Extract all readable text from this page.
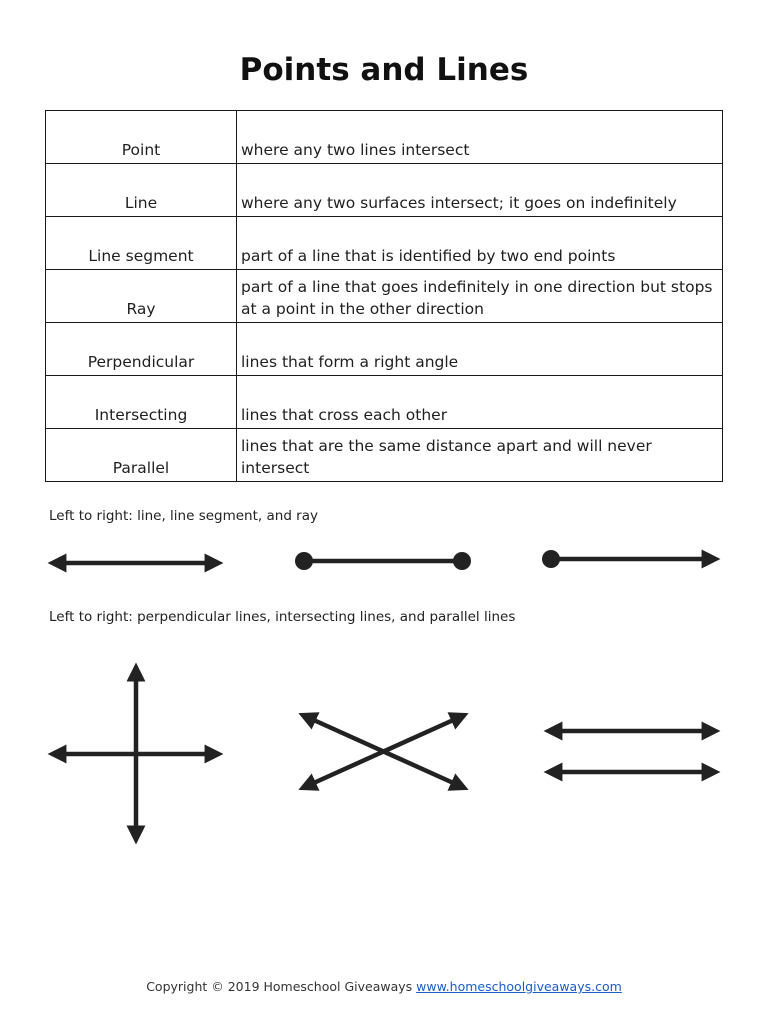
Points and Lines
Point	where any two lines intersect
Line	where any two surfaces intersect; it goes on indefinitely
Line segment	part of a line that is identified by two end points
Ray	part of a line that goes indefinitely in one direction but stops at a point in the other direction
Perpendicular	lines that form a right angle
Intersecting	lines that cross each other
Parallel	lines that are the same distance apart and will never intersect
Left to right: line, line segment, and ray
Left to right: perpendicular lines, intersecting lines, and parallel lines
Copyright © 2019 Homeschool Giveaways www.homeschoolgiveaways.com
